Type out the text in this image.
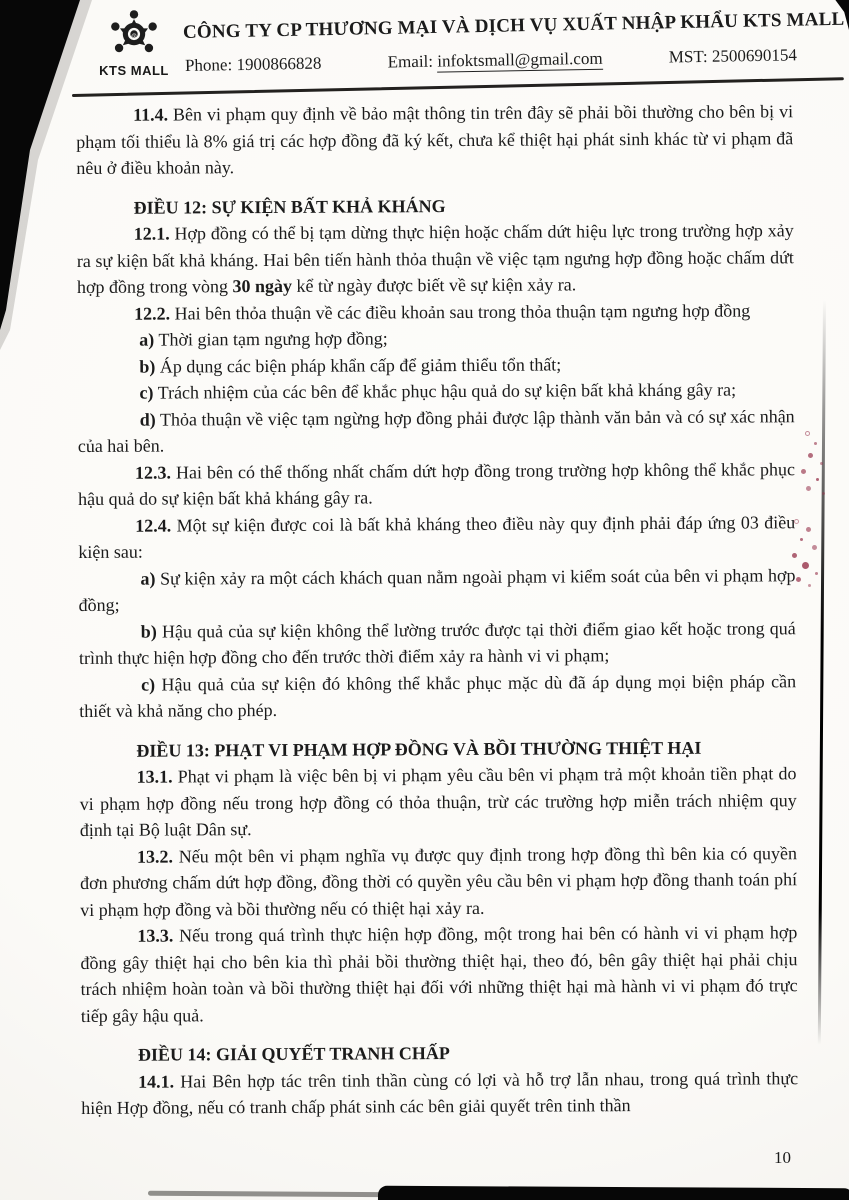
@
KTS MALL
CÔNG TY CP THƯƠNG MẠI VÀ DỊCH VỤ XUẤT NHẬP KHẨU KTS MALL
Phone: 1900866828	Email: infoktsmall@gmail.com	MST: 2500690154
11.4. Bên vi phạm quy định về bảo mật thông tin trên đây sẽ phải bồi thường cho bên bị vi phạm tối thiểu là 8% giá trị các hợp đồng đã ký kết, chưa kể thiệt hại phát sinh khác từ vi phạm đã nêu ở điều khoản này.
ĐIỀU 12: SỰ KIỆN BẤT KHẢ KHÁNG
12.1. Hợp đồng có thể bị tạm dừng thực hiện hoặc chấm dứt hiệu lực trong trường hợp xảy ra sự kiện bất khả kháng. Hai bên tiến hành thỏa thuận về việc tạm ngưng hợp đồng hoặc chấm dứt hợp đồng trong vòng 30 ngày kể từ ngày được biết về sự kiện xảy ra.
12.2. Hai bên thỏa thuận về các điều khoản sau trong thỏa thuận tạm ngưng hợp đồng
a) Thời gian tạm ngưng hợp đồng;
b) Áp dụng các biện pháp khẩn cấp để giảm thiểu tổn thất;
c) Trách nhiệm của các bên để khắc phục hậu quả do sự kiện bất khả kháng gây ra;
d) Thỏa thuận về việc tạm ngừng hợp đồng phải được lập thành văn bản và có sự xác nhận của hai bên.
12.3. Hai bên có thể thống nhất chấm dứt hợp đồng trong trường hợp không thể khắc phục hậu quả do sự kiện bất khả kháng gây ra.
12.4. Một sự kiện được coi là bất khả kháng theo điều này quy định phải đáp ứng 03 điều kiện sau:
a) Sự kiện xảy ra một cách khách quan nằm ngoài phạm vi kiểm soát của bên vi phạm hợp đồng;
b) Hậu quả của sự kiện không thể lường trước được tại thời điểm giao kết hoặc trong quá trình thực hiện hợp đồng cho đến trước thời điểm xảy ra hành vi vi phạm;
c) Hậu quả của sự kiện đó không thể khắc phục mặc dù đã áp dụng mọi biện pháp cần thiết và khả năng cho phép.
ĐIỀU 13: PHẠT VI PHẠM HỢP ĐỒNG VÀ BỒI THƯỜNG THIỆT HẠI
13.1. Phạt vi phạm là việc bên bị vi phạm yêu cầu bên vi phạm trả một khoản tiền phạt do vi phạm hợp đồng nếu trong hợp đồng có thỏa thuận, trừ các trường hợp miễn trách nhiệm quy định tại Bộ luật Dân sự.
13.2. Nếu một bên vi phạm nghĩa vụ được quy định trong hợp đồng thì bên kia có quyền đơn phương chấm dứt hợp đồng, đồng thời có quyền yêu cầu bên vi phạm hợp đồng thanh toán phí vi phạm hợp đồng và bồi thường nếu có thiệt hại xảy ra.
13.3. Nếu trong quá trình thực hiện hợp đồng, một trong hai bên có hành vi vi phạm hợp đồng gây thiệt hại cho bên kia thì phải bồi thường thiệt hại, theo đó, bên gây thiệt hại phải chịu trách nhiệm hoàn toàn và bồi thường thiệt hại đối với những thiệt hại mà hành vi vi phạm đó trực tiếp gây hậu quả.
ĐIỀU 14: GIẢI QUYẾT TRANH CHẤP
14.1. Hai Bên hợp tác trên tinh thần cùng có lợi và hỗ trợ lẫn nhau, trong quá trình thực hiện Hợp đồng, nếu có tranh chấp phát sinh các bên giải quyết trên tinh thần
10
